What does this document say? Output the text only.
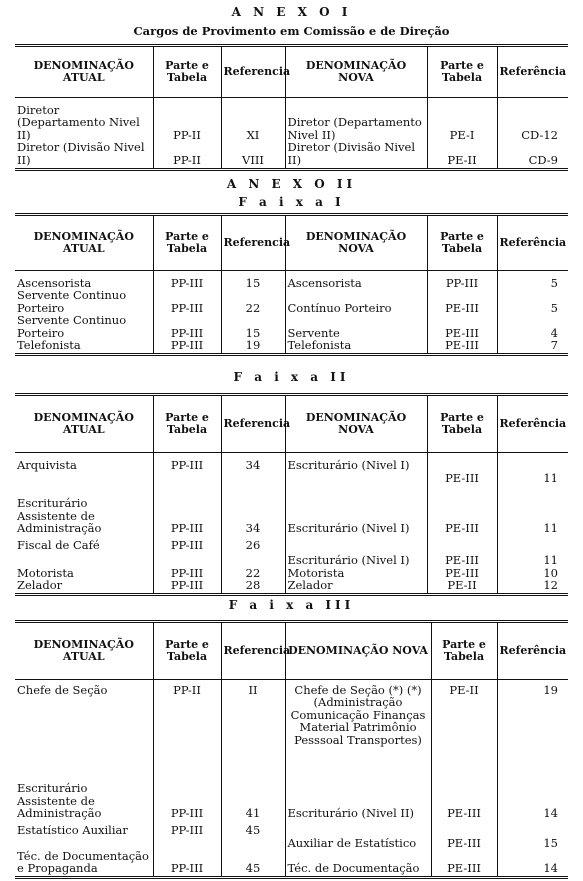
A N E X O I
Cargos de Provimento em Comissão e de Direção
DENOMINAÇÃO ATUAL	Parte e Tabela	Referencia	DENOMINAÇÃO NOVA	Parte e Tabela	Referência
Diretor (Departamento Nivel II)	PP-II	XI	Diretor (Departamento Nivel II)	PE-I	CD-12
Diretor (Divisão Nivel II)	PP-II	VIII	Diretor (Divisão Nivel II)	PE-II	CD-9
A N E X O II
F a i x a I
DENOMINAÇÃO ATUAL	Parte e Tabela	Referencia	DENOMINAÇÃO NOVA	Parte e Tabela	Referência
Ascensorista	PP-III	15	Ascensorista	PP-III	5
Servente Continuo Porteiro	PP-III	22	Contínuo Porteiro	PE-III	5
Servente Continuo Porteiro	PP-III	15	Servente	PE-III	4
Telefonista	PP-III	19	Telefonista	PE-III	7
F a i x a II
DENOMINAÇÃO ATUAL	Parte e Tabela	Referencia	DENOMINAÇÃO NOVA	Parte e Tabela	Referência
Arquivista	PP-III	34	Escriturário (Nivel I)	PE-III	11
Escriturário Assistente de Administração	PP-III	34	Escriturário (Nivel I)	PE-III	11
Fiscal de Café	PP-III	26	Escriturário (Nivel I)	PE-III	11
Motorista	PP-III	22	Motorista	PE-III	10
Zelador	PP-III	28	Zelador	PE-II	12
F a i x a III
DENOMINAÇÃO ATUAL	Parte e Tabela	Referencia	DENOMINAÇÃO NOVA	Parte e Tabela	Referência
Chefe de Seção	PP-II	II	Chefe de Seção (*) (*) (Administração Comunicação Finanças Material Patrimônio Pesssoal Transportes)	PE-II	19
Escriturário Assistente de Administração	PP-III	41	Escriturário (Nivel II)	PE-III	14
Estatístico Auxiliar	PP-III	45	Auxiliar de Estatístico	PE-III	15
Téc. de Documentação e Propaganda	PP-III	45	Téc. de Documentação	PE-III	14
